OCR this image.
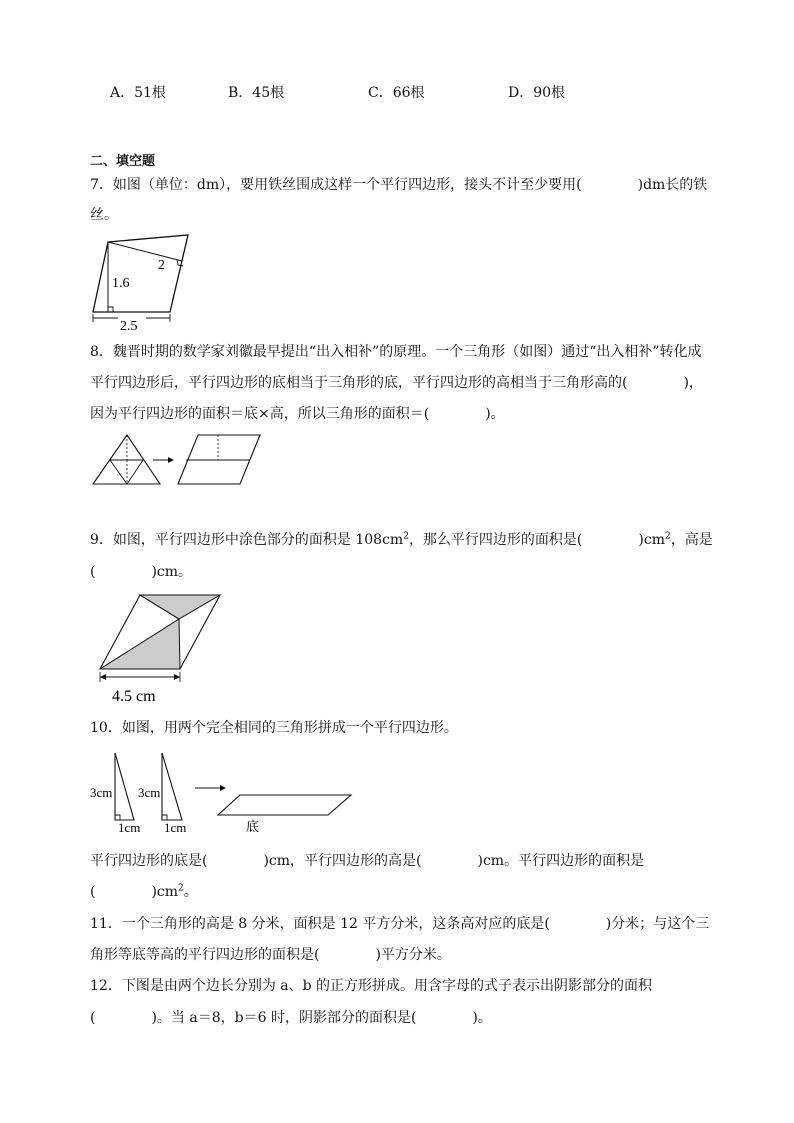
A．51根	B．45根	C．66根	D．90根
二、填空题
7．如图（单位：dm），要用铁丝围成这样一个平行四边形，接头不计至少要用(　　　　)dm长的铁
丝。
1.6
2
2.5
8．魏晋时期的数学家刘徽最早提出“出入相补”的原理。一个三角形（如图）通过“出入相补”转化成
平行四边形后，平行四边形的底相当于三角形的底，平行四边形的高相当于三角形高的(　　　　)，
因为平行四边形的面积＝底×高，所以三角形的面积＝(　　　　)。
9．如图，平行四边形中涂色部分的面积是 $108cm^2$，那么平行四边形的面积是(　　　　)$cm^2$，高是
(　　　　)cm。
4.5 cm
10．如图，用两个完全相同的三角形拼成一个平行四边形。
3cm
1cm
3cm
1cm	底
平行四边形的底是(　　　　)cm，平行四边形的高是(　　　　)cm。平行四边形的面积是
(　　　　)$cm^2$。
11．一个三角形的高是 8 分米，面积是 12 平方分米，这条高对应的底是(　　　　)分米；与这个三
角形等底等高的平行四边形的面积是(　　　　)平方分米。
12．下图是由两个边长分别为 a、b 的正方形拼成。用含字母的式子表示出阴影部分的面积
(　　　　)。当 a＝8，b＝6 时，阴影部分的面积是(　　　　)。
